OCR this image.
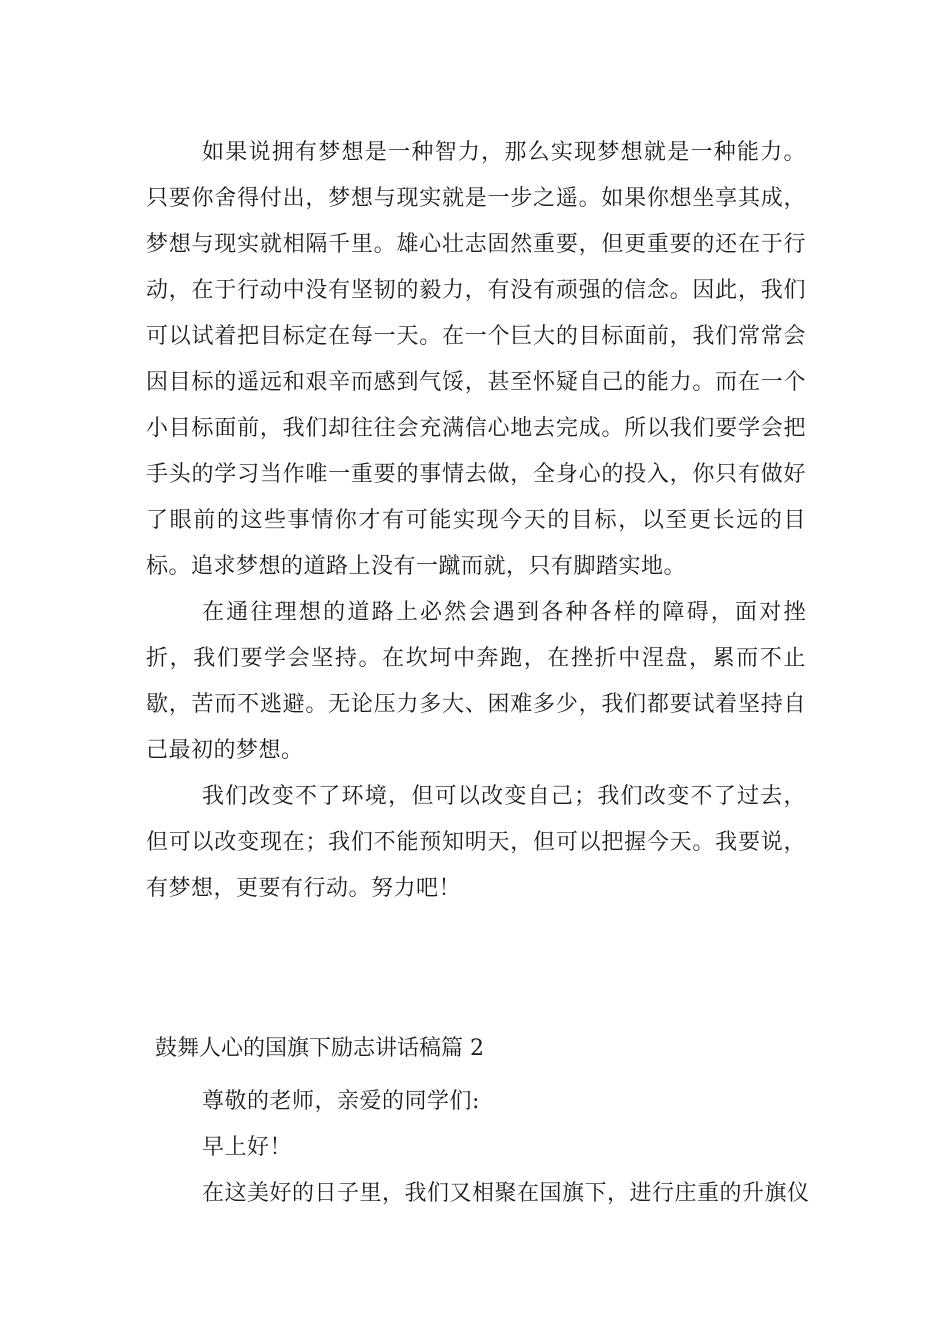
如果说拥有梦想是一种智力，那么实现梦想就是一种能力。只要你舍得付出，梦想与现实就是一步之遥。如果你想坐享其成，梦想与现实就相隔千里。雄心壮志固然重要，但更重要的还在于行动，在于行动中没有坚韧的毅力，有没有顽强的信念。因此，我们可以试着把目标定在每一天。在一个巨大的目标面前，我们常常会因目标的遥远和艰辛而感到气馁，甚至怀疑自己的能力。而在一个小目标面前，我们却往往会充满信心地去完成。所以我们要学会把手头的学习当作唯一重要的事情去做，全身心的投入，你只有做好了眼前的这些事情你才有可能实现今天的目标，以至更长远的目标。追求梦想的道路上没有一蹴而就，只有脚踏实地。

在通往理想的道路上必然会遇到各种各样的障碍，面对挫折，我们要学会坚持。在坎坷中奔跑，在挫折中涅盘，累而不止歇，苦而不逃避。无论压力多大、困难多少，我们都要试着坚持自己最初的梦想。

我们改变不了环境，但可以改变自己；我们改变不了过去，但可以改变现在；我们不能预知明天，但可以把握今天。我要说，有梦想，更要有行动。努力吧！

鼓舞人心的国旗下励志讲话稿篇 2

尊敬的老师，亲爱的同学们:

早上好！

在这美好的日子里，我们又相聚在国旗下，进行庄重的升旗仪
